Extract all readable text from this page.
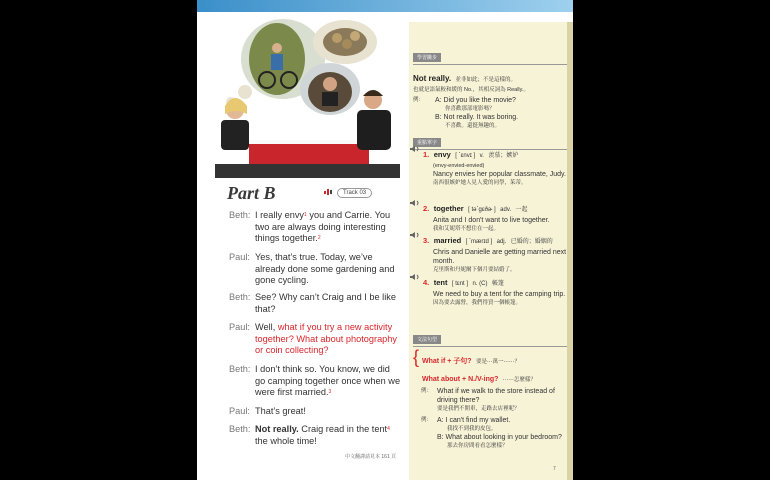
Part B	Track 03
Beth: I really envy$^1$ you and Carrie. You two are always doing interesting things together.$^2$
Paul: Yes, that’s true. Today, we’ve already done some gardening and gone cycling.
Beth: See? Why can’t Craig and I be like that?
Paul: Well, what if you try a new activity together? What about photography or coin collecting?
Beth: I don’t think so. You know, we did go camping together once when we were first married.$^3$
Paul: That’s great!
Beth: Not really. Craig read in the tent$^4$ the whole time!
中文翻譯請見本 161 頁
學習撇步
Not really. 並非如此；不是這樣的。
也就是語氣較和緩的 No.，其相反詞為 Really.。
例： A: Did you like the movie?
你喜歡那部電影嗎？
B: Not really. It was boring.
不喜歡。還挺無趣的。
重點單字
1. envy [ ˋɛnvɪ ] v. 羨慕；嫉妒
(envy-envied-envied)
Nancy envies her popular classmate, Judy.
南西很嫉妒她人見人愛的同學，茱蒂。
2. together [ təˋgɛðɚ ] adv. 一起
Anita and I don't want to live together.
我和艾妮塔不想住在一起。
3. married [ ˋmærɪd ] adj. 已婚的；婚姻的
Chris and Danielle are getting married next month.
克里斯和丹妮爾下個月要結婚了。
4. tent [ tɛnt ] n. (C) 帳篷
We need to buy a tent for the camping trip.
因為要去露營，我們得買一個帳篷。
文法句型
{ What if + 子句? 要是⋯萬一⋯⋯？
What about + N./V-ing? ⋯⋯怎麼樣？
例： What if we walk to the store instead of driving there?
要是我們不開車，走路去店裡呢？
例： A: I can't find my wallet.
我找不到我的皮包。
B: What about looking in your bedroom?
那去你房間看看怎麼樣？
7
